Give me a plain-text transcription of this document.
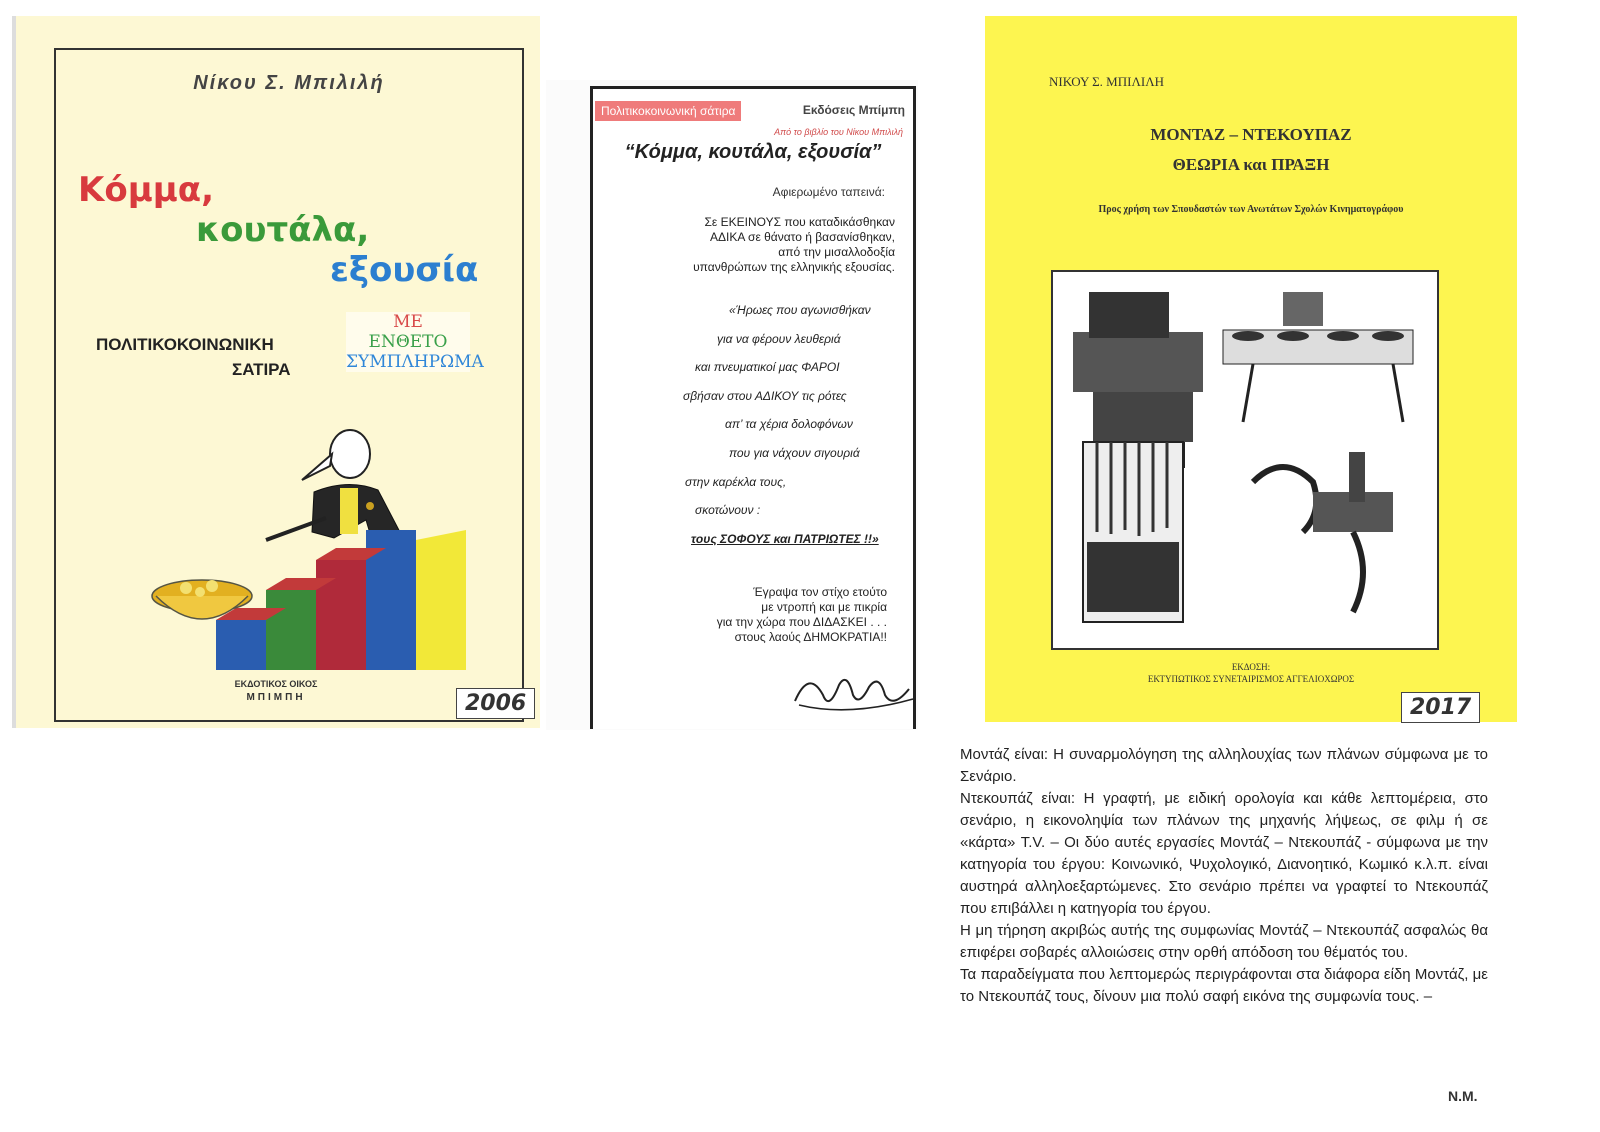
Νίκου Σ. Μπιλιλή
Κόμμα,
κουτάλα,
εξουσία
ΠΟΛΙΤΙΚΟΚΟΙΝΩΝΙΚΗ
ΣΑΤΙΡΑ
ΜΕ
ΕΝΘΕΤΟ
ΣΥΜΠΛΗΡΩΜΑ
ΕΚΔΟΤΙΚΟΣ ΟΙΚΟΣ
ΜΠΙΜΠΗ	2006
Πολιτικοκοινωνική σάτιρα	Εκδόσεις Μπίμπη
Από το βιβλίο του Νίκου Μπιλιλή
“Κόμμα, κουτάλα, εξουσία”
Αφιερωμένο ταπεινά:
Σε ΕΚΕΙΝΟΥΣ που καταδικάσθηκαν
ΑΔΙΚΑ σε θάνατο ή βασανίσθηκαν,
από την μισαλλοδοξία
υπανθρώπων της ελληνικής εξουσίας.
«Ήρωες που αγωνισθήκαν
για να φέρουν λευθεριά
και πνευματικοί μας ΦΑΡΟΙ
σβήσαν στου ΑΔΙΚΟΥ τις ρότες
απ’ τα χέρια δολοφόνων
που για νάχουν σιγουριά
στην καρέκλα τους,
σκοτώνουν :
τους ΣΟΦΟΥΣ και ΠΑΤΡΙΩΤΕΣ !!»
Έγραψα τον στίχο ετούτο
με ντροπή και με πικρία
για την χώρα που ΔΙΔΑΣΚΕΙ . . .
στους λαούς ΔΗΜΟΚΡΑΤΙΑ!!
ΝΙΚΟΥ Σ. ΜΠΙΛΙΛΗ
ΜΟΝΤΑΖ – ΝΤΕΚΟΥΠΑΖ
ΘΕΩΡΙΑ και ΠΡΑΞΗ
Προς χρήση των Σπουδαστών των Ανωτάτων Σχολών Κινηματογράφου
ΕΚΔΟΣΗ:
ΕΚΤΥΠΩΤΙΚΟΣ ΣΥΝΕΤΑΙΡΙΣΜΟΣ ΑΓΓΕΛΙΟΧΩΡΟΣ
2017

Μοντάζ είναι: Η συναρμολόγηση της αλληλουχίας των πλάνων σύμφωνα με το Σενάριο.

Ντεκουπάζ είναι: Η γραφτή, με ειδική ορολογία και κάθε λεπτομέρεια, στο σενάριο, η εικονοληψία των πλάνων της μηχανής λήψεως, σε φιλμ ή σε «κάρτα» T.V. – Οι δύο αυτές εργασίες Μοντάζ – Ντεκουπάζ - σύμφωνα με την κατηγορία του έργου: Κοινωνικό, Ψυχολογικό, Διανοητικό, Κωμικό κ.λ.π. είναι αυστηρά αλληλοεξαρτώμενες. Στο σενάριο πρέπει να γραφτεί το Ντεκουπάζ που επιβάλλει η κατηγορία του έργου.

Η μη τήρηση ακριβώς αυτής της συμφωνίας Μοντάζ – Ντεκουπάζ ασφαλώς θα επιφέρει σοβαρές αλλοιώσεις στην ορθή απόδοση του θέματός του.

Τα παραδείγματα που λεπτομερώς περιγράφονται στα διάφορα είδη Μοντάζ, με το Ντεκουπάζ τους, δίνουν μια πολύ σαφή εικόνα της συμφωνία τους. –

Ν.Μ.
